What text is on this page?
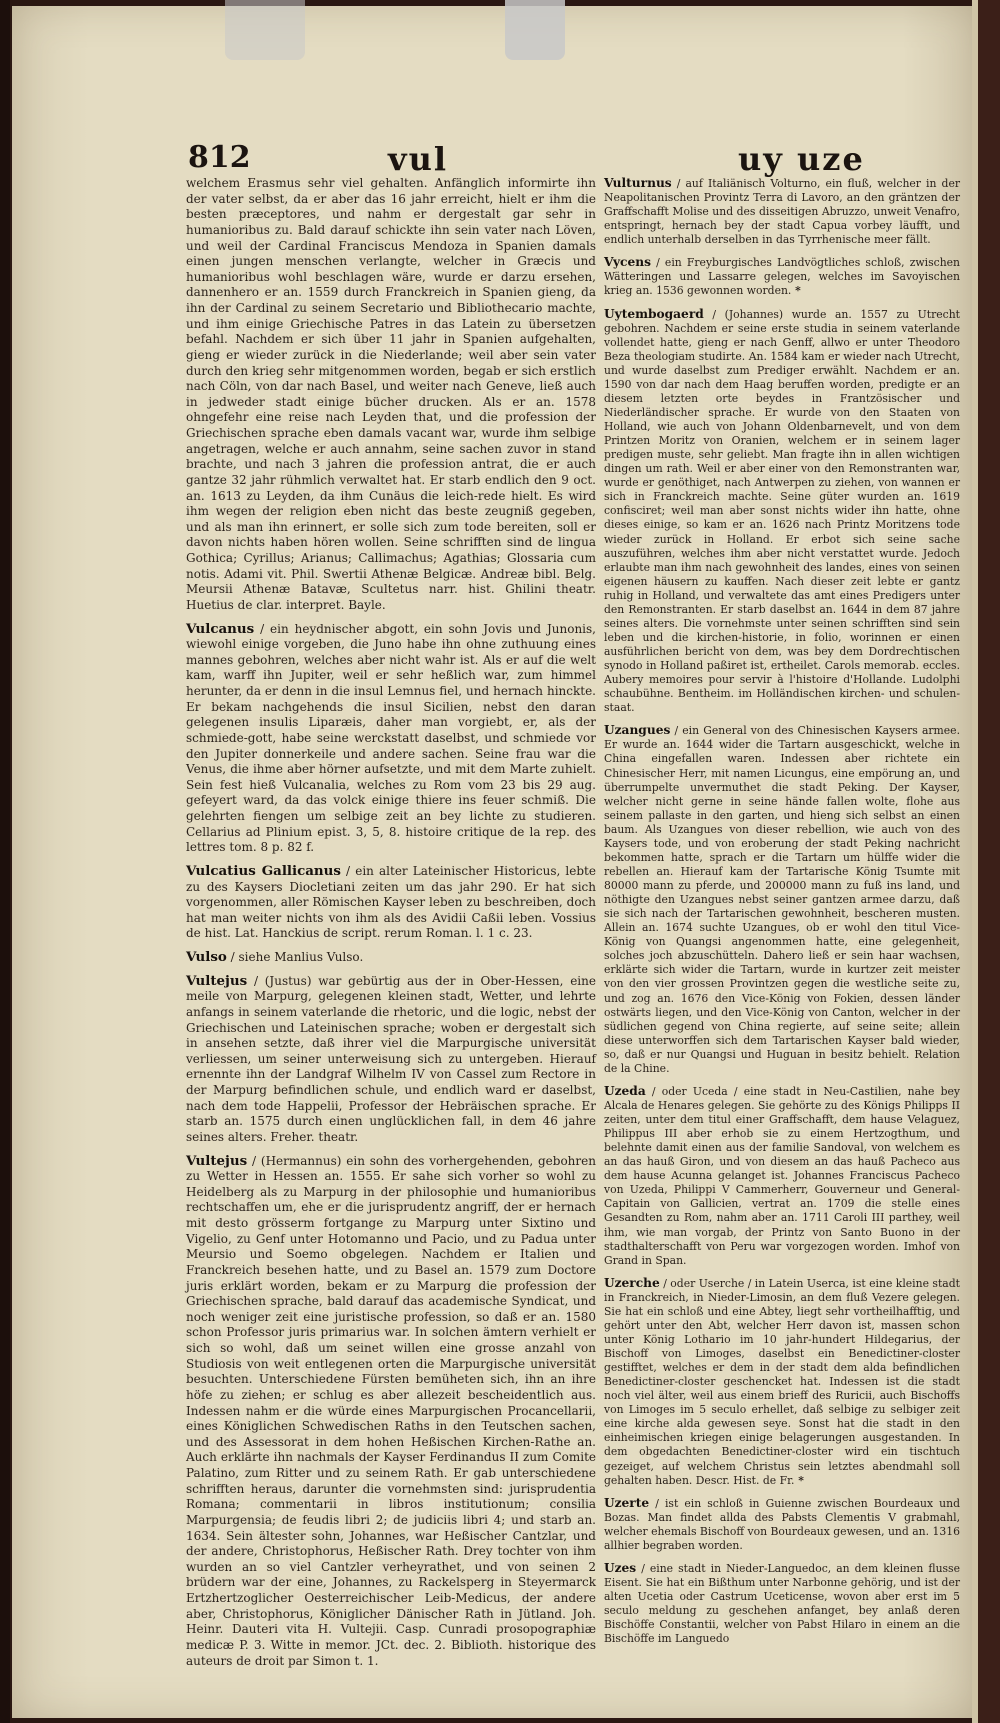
812	vul	uy uze

welchem Erasmus sehr viel gehalten. Anfänglich informirte ihn der vater selbst, da er aber das 16 jahr erreicht, hielt er ihm die besten præceptores, und nahm er dergestalt gar sehr in humanioribus zu. Bald darauf schickte ihn sein vater nach Löven, und weil der Cardinal Franciscus Mendoza in Spanien damals einen jungen menschen verlangte, welcher in Græcis und humanioribus wohl beschlagen wäre, wurde er darzu ersehen, dannenhero er an. 1559 durch Franckreich in Spanien gieng, da ihn der Cardinal zu seinem Secretario und Bibliothecario machte, und ihm einige Griechische Patres in das Latein zu übersetzen befahl. Nachdem er sich über 11 jahr in Spanien aufgehalten, gieng er wieder zurück in die Niederlande; weil aber sein vater durch den krieg sehr mitgenommen worden, begab er sich erstlich nach Cöln, von dar nach Basel, und weiter nach Geneve, ließ auch in jedweder stadt einige bücher drucken. Als er an. 1578 ohngefehr eine reise nach Leyden that, und die profession der Griechischen sprache eben damals vacant war, wurde ihm selbige angetragen, welche er auch annahm, seine sachen zuvor in stand brachte, und nach 3 jahren die profession antrat, die er auch gantze 32 jahr rühmlich verwaltet hat. Er starb endlich den 9 oct. an. 1613 zu Leyden, da ihm Cunäus die leich-rede hielt. Es wird ihm wegen der religion eben nicht das beste zeugniß gegeben, und als man ihn erinnert, er solle sich zum tode bereiten, soll er davon nichts haben hören wollen. Seine schrifften sind de lingua Gothica; Cyrillus; Arianus; Callimachus; Agathias; Glossaria cum notis. Adami vit. Phil. Swertii Athenæ Belgicæ. Andreæ bibl. Belg. Meursii Athenæ Batavæ, Scultetus narr. hist. Ghilini theatr. Huetius de clar. interpret. Bayle.

Vulcanus / ein heydnischer abgott, ein sohn Jovis und Junonis, wiewohl einige vorgeben, die Juno habe ihn ohne zuthuung eines mannes gebohren, welches aber nicht wahr ist. Als er auf die welt kam, warff ihn Jupiter, weil er sehr heßlich war, zum himmel herunter, da er denn in die insul Lemnus fiel, und hernach hinckte. Er bekam nachgehends die insul Sicilien, nebst den daran gelegenen insulis Liparæis, daher man vorgiebt, er, als der schmiede-gott, habe seine werckstatt daselbst, und schmiede vor den Jupiter donnerkeile und andere sachen. Seine frau war die Venus, die ihme aber hörner aufsetzte, und mit dem Marte zuhielt. Sein fest hieß Vulcanalia, welches zu Rom vom 23 bis 29 aug. gefeyert ward, da das volck einige thiere ins feuer schmiß. Die gelehrten fiengen um selbige zeit an bey lichte zu studieren. Cellarius ad Plinium epist. 3, 5, 8. histoire critique de la rep. des lettres tom. 8 p. 82 f.

Vulcatius Gallicanus / ein alter Lateinischer Historicus, lebte zu des Kaysers Diocletiani zeiten um das jahr 290. Er hat sich vorgenommen, aller Römischen Kayser leben zu beschreiben, doch hat man weiter nichts von ihm als des Avidii Caßii leben. Vossius de hist. Lat. Hanckius de script. rerum Roman. l. 1 c. 23.

Vulso / siehe Manlius Vulso.

Vultejus / (Justus) war gebürtig aus der in Ober-Hessen, eine meile von Marpurg, gelegenen kleinen stadt, Wetter, und lehrte anfangs in seinem vaterlande die rhetoric, und die logic, nebst der Griechischen und Lateinischen sprache; woben er dergestalt sich in ansehen setzte, daß ihrer viel die Marpurgische universität verliessen, um seiner unterweisung sich zu untergeben. Hierauf ernennte ihn der Landgraf Wilhelm IV von Cassel zum Rectore in der Marpurg befindlichen schule, und endlich ward er daselbst, nach dem tode Happelii, Professor der Hebräischen sprache. Er starb an. 1575 durch einen unglücklichen fall, in dem 46 jahre seines alters. Freher. theatr.

Vultejus / (Hermannus) ein sohn des vorhergehenden, gebohren zu Wetter in Hessen an. 1555. Er sahe sich vorher so wohl zu Heidelberg als zu Marpurg in der philosophie und humanioribus rechtschaffen um, ehe er die jurisprudentz angriff, der er hernach mit desto grösserm fortgange zu Marpurg unter Sixtino und Vigelio, zu Genf unter Hotomanno und Pacio, und zu Padua unter Meursio und Soemo obgelegen. Nachdem er Italien und Franckreich besehen hatte, und zu Basel an. 1579 zum Doctore juris erklärt worden, bekam er zu Marpurg die profession der Griechischen sprache, bald darauf das academische Syndicat, und noch weniger zeit eine juristische profession, so daß er an. 1580 schon Professor juris primarius war. In solchen ämtern verhielt er sich so wohl, daß um seinet willen eine grosse anzahl von Studiosis von weit entlegenen orten die Marpurgische universität besuchten. Unterschiedene Fürsten bemüheten sich, ihn an ihre höfe zu ziehen; er schlug es aber allezeit bescheidentlich aus. Indessen nahm er die würde eines Marpurgischen Procancellarii, eines Königlichen Schwedischen Raths in den Teutschen sachen, und des Assessorat in dem hohen Heßischen Kirchen-Rathe an. Auch erklärte ihn nachmals der Kayser Ferdinandus II zum Comite Palatino, zum Ritter und zu seinem Rath. Er gab unterschiedene schrifften heraus, darunter die vornehmsten sind: jurisprudentia Romana; commentarii in libros institutionum; consilia Marpurgensia; de feudis libri 2; de judiciis libri 4; und starb an. 1634. Sein ältester sohn, Johannes, war Heßischer Cantzlar, und der andere, Christophorus, Heßischer Rath. Drey tochter von ihm wurden an so viel Cantzler verheyrathet, und von seinen 2 brüdern war der eine, Johannes, zu Rackelsperg in Steyermarck Ertzhertzoglicher Oesterreichischer Leib-Medicus, der andere aber, Christophorus, Königlicher Dänischer Rath in Jütland. Joh. Heinr. Dauteri vita H. Vultejii. Casp. Cunradi prosopographiæ medicæ P. 3. Witte in memor. JCt. dec. 2. Biblioth. historique des auteurs de droit par Simon t. 1.

Vulturnus / auf Italiänisch Volturno, ein fluß, welcher in der Neapolitanischen Provintz Terra di Lavoro, an den gräntzen der Graffschafft Molise und des disseitigen Abruzzo, unweit Venafro, entspringt, hernach bey der stadt Capua vorbey läufft, und endlich unterhalb derselben in das Tyrrhenische meer fällt.

Vycens / ein Freyburgisches Landvögtliches schloß, zwischen Wätteringen und Lassarre gelegen, welches im Savoyischen krieg an. 1536 gewonnen worden. *

Uytembogaerd / (Johannes) wurde an. 1557 zu Utrecht gebohren. Nachdem er seine erste studia in seinem vaterlande vollendet hatte, gieng er nach Genff, allwo er unter Theodoro Beza theologiam studirte. An. 1584 kam er wieder nach Utrecht, und wurde daselbst zum Prediger erwählt. Nachdem er an. 1590 von dar nach dem Haag beruffen worden, predigte er an diesem letzten orte beydes in Frantzösischer und Niederländischer sprache. Er wurde von den Staaten von Holland, wie auch von Johann Oldenbarnevelt, und von dem Printzen Moritz von Oranien, welchem er in seinem lager predigen muste, sehr geliebt. Man fragte ihn in allen wichtigen dingen um rath. Weil er aber einer von den Remonstranten war, wurde er genöthiget, nach Antwerpen zu ziehen, von wannen er sich in Franckreich machte. Seine güter wurden an. 1619 confisciret; weil man aber sonst nichts wider ihn hatte, ohne dieses einige, so kam er an. 1626 nach Printz Moritzens tode wieder zurück in Holland. Er erbot sich seine sache auszuführen, welches ihm aber nicht verstattet wurde. Jedoch erlaubte man ihm nach gewohnheit des landes, eines von seinen eigenen häusern zu kauffen. Nach dieser zeit lebte er gantz ruhig in Holland, und verwaltete das amt eines Predigers unter den Remonstranten. Er starb daselbst an. 1644 in dem 87 jahre seines alters. Die vornehmste unter seinen schrifften sind sein leben und die kirchen-historie, in folio, worinnen er einen ausführlichen bericht von dem, was bey dem Dordrechtischen synodo in Holland paßiret ist, ertheilet. Carols memorab. eccles. Aubery memoires pour servir à l'histoire d'Hollande. Ludolphi schaubühne. Bentheim. im Holländischen kirchen- und schulen-staat.

Uzangues / ein General von des Chinesischen Kaysers armee. Er wurde an. 1644 wider die Tartarn ausgeschickt, welche in China eingefallen waren. Indessen aber richtete ein Chinesischer Herr, mit namen Licungus, eine empörung an, und überrumpelte unvermuthet die stadt Peking. Der Kayser, welcher nicht gerne in seine hände fallen wolte, flohe aus seinem pallaste in den garten, und hieng sich selbst an einen baum. Als Uzangues von dieser rebellion, wie auch von des Kaysers tode, und von eroberung der stadt Peking nachricht bekommen hatte, sprach er die Tartarn um hülffe wider die rebellen an. Hierauf kam der Tartarische König Tsumte mit 80000 mann zu pferde, und 200000 mann zu fuß ins land, und nöthigte den Uzangues nebst seiner gantzen armee darzu, daß sie sich nach der Tartarischen gewohnheit, bescheren musten. Allein an. 1674 suchte Uzangues, ob er wohl den titul Vice-König von Quangsi angenommen hatte, eine gelegenheit, solches joch abzuschütteln. Dahero ließ er sein haar wachsen, erklärte sich wider die Tartarn, wurde in kurtzer zeit meister von den vier grossen Provintzen gegen die westliche seite zu, und zog an. 1676 den Vice-König von Fokien, dessen länder ostwärts liegen, und den Vice-König von Canton, welcher in der südlichen gegend von China regierte, auf seine seite; allein diese unterworffen sich dem Tartarischen Kayser bald wieder, so, daß er nur Quangsi und Huguan in besitz behielt. Relation de la Chine.

Uzeda / oder Uceda / eine stadt in Neu-Castilien, nahe bey Alcala de Henares gelegen. Sie gehörte zu des Königs Philipps II zeiten, unter dem titul einer Graffschafft, dem hause Velaguez, Philippus III aber erhob sie zu einem Hertzogthum, und belehnte damit einen aus der familie Sandoval, von welchem es an das hauß Giron, und von diesem an das hauß Pacheco aus dem hause Acunna gelanget ist. Johannes Franciscus Pacheco von Uzeda, Philippi V Cammerherr, Gouverneur und General-Capitain von Gallicien, vertrat an. 1709 die stelle eines Gesandten zu Rom, nahm aber an. 1711 Caroli III parthey, weil ihm, wie man vorgab, der Printz von Santo Buono in der stadthalterschafft von Peru war vorgezogen worden. Imhof von Grand in Span.

Uzerche / oder Userche / in Latein Userca, ist eine kleine stadt in Franckreich, in Nieder-Limosin, an dem fluß Vezere gelegen. Sie hat ein schloß und eine Abtey, liegt sehr vortheilhafftig, und gehört unter den Abt, welcher Herr davon ist, massen schon unter König Lothario im 10 jahr-hundert Hildegarius, der Bischoff von Limoges, daselbst ein Benedictiner-closter gestifftet, welches er dem in der stadt dem alda befindlichen Benedictiner-closter geschencket hat. Indessen ist die stadt noch viel älter, weil aus einem brieff des Ruricii, auch Bischoffs von Limoges im 5 seculo erhellet, daß selbige zu selbiger zeit eine kirche alda gewesen seye. Sonst hat die stadt in den einheimischen kriegen einige belagerungen ausgestanden. In dem obgedachten Benedictiner-closter wird ein tischtuch gezeiget, auf welchem Christus sein letztes abendmahl soll gehalten haben. Descr. Hist. de Fr. *

Uzerte / ist ein schloß in Guienne zwischen Bourdeaux und Bozas. Man findet allda des Pabsts Clementis V grabmahl, welcher ehemals Bischoff von Bourdeaux gewesen, und an. 1316 allhier begraben worden.

Uzes / eine stadt in Nieder-Languedoc, an dem kleinen flusse Eisent. Sie hat ein Bißthum unter Narbonne gehörig, und ist der alten Ucetia oder Castrum Uceticense, wovon aber erst im 5 seculo meldung zu geschehen anfanget, bey anlaß deren Bischöffe Constantii, welcher von Pabst Hilaro in einem an die Bischöffe im Languedo
